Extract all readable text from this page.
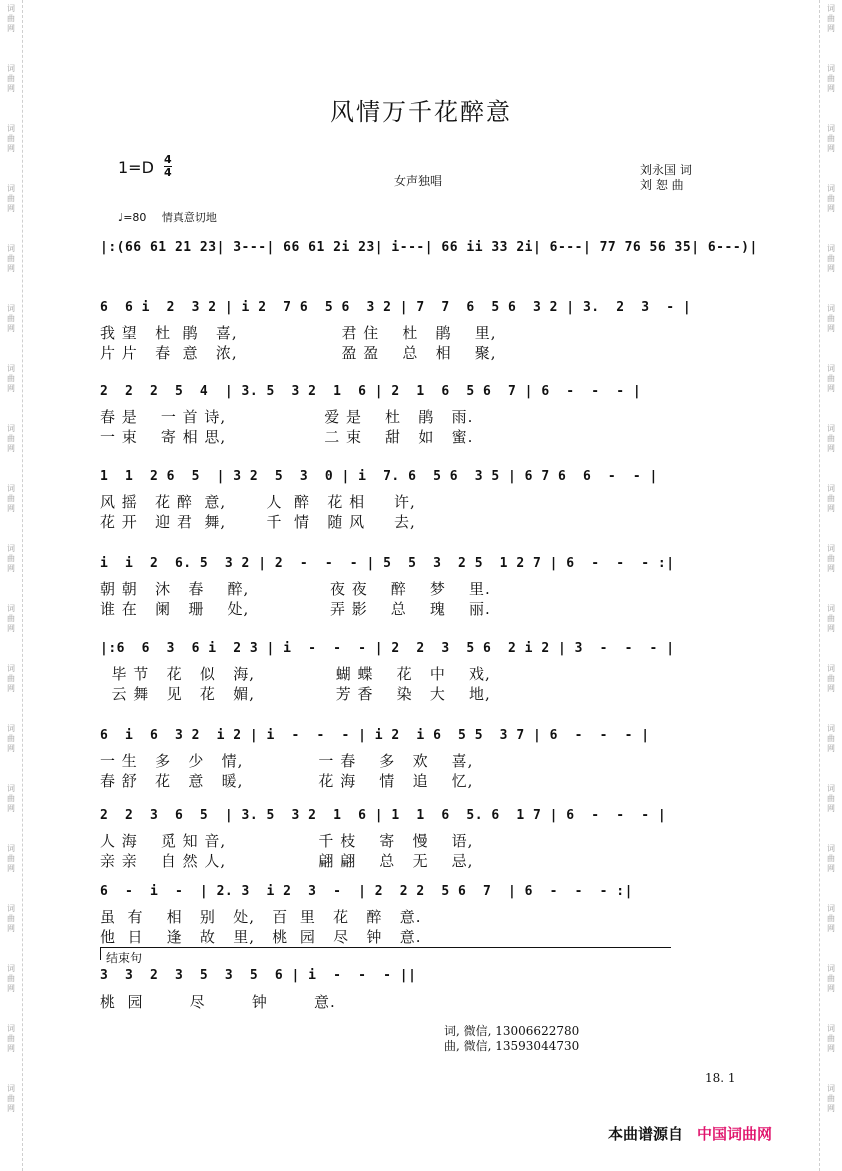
词
曲
网
词
曲
网
词
曲
网
词
曲
网
词
曲
网
词
曲
网
词
曲
网
词
曲
网
词
曲
网
词
曲
网
词
曲
网
词
曲
网
词
曲
网
词
曲
网
词
曲
网
词
曲
网
词
曲
网
词
曲
网
词
曲
网
词
曲
网
词
曲
网
词
曲
网
词
曲
网
词
曲
网
词
曲
网
词
曲
网
词
曲
网
词
曲
网
词
曲
网
词
曲
网
词
曲
网
词
曲
网
词
曲
网
词
曲
网
词
曲
网
词
曲
网
词
曲
网
词
曲
网
风情万千花醉意
1=D 4
4
女声独唱
刘永国 词
刘 恕 曲
♩=80 情真意切地
|:(66 61 21 23| 3---| 66 61 2i 23| i---| 66 ii 33 2i| 6---| 77 76 56 35| 6---)|
6  6 i  2  3 2 | i 2  7 6  5 6  3 2 | 7  7  6  5 6  3 2 | 3.  2  3  - |
我 望   杜  鹃   喜,                  君 住    杜   鹃    里,
片 片   春  意   浓,                  盈 盈    总   相    聚,
2  2  2  5  4  | 3. 5  3 2  1  6 | 2  1  6  5 6  7 | 6  -  -  - |
春 是    一 首 诗,                 爱 是    杜   鹃   雨.
一 束    寄 相 思,                 二 束    甜   如   蜜.
1  1  2 6  5  | 3 2  5  3  0 | i  7. 6  5 6  3 5 | 6 7 6  6  -  - |
风 摇   花 醉  意,       人  醉   花 相     许,
花 开   迎 君  舞,       千  情   随 风     去,
i  i  2  6. 5  3 2 | 2  -  -  - | 5  5  3  2 5  1 2 7 | 6  -  -  - :|
朝 朝   沐   春    醉,              夜 夜    醉    梦    里.
谁 在   阑   珊    处,              弄 影    总    瑰    丽.
|:6  6  3  6 i  2 3 | i  -  -  - | 2  2  3  5 6  2 i 2 | 3  -  -  - |
毕 节   花   似   海,              蝴 蝶    花   中    戏,
云 舞   见   花   媚,              芳 香    染   大    地,
6  i  6  3 2  i 2 | i  -  -  - | i 2  i 6  5 5  3 7 | 6  -  -  - |
一 生   多   少   情,             一 春    多   欢    喜,
春 舒   花   意   暖,             花 海    情   追    忆,
2  2  3  6  5  | 3. 5  3 2  1  6 | 1  1  6  5. 6  1 7 | 6  -  -  - |
人 海    觅 知 音,                千 枝    寄   慢    语,
亲 亲    自 然 人,                翩 翩    总   无    忌,
6  -  i  -  | 2. 3  i 2  3  -  | 2  2 2  5 6  7  | 6  -  -  - :|
虽  有    相   别   处,   百  里   花   醉   意.
他  日    逢   故   里,   桃  园   尽   钟   意.
结束句
3  3  2  3  5  3  5  6 | i  -  -  - ||
桃  园        尽        钟        意.
词, 微信, 13006622780
曲, 微信, 13593044730
18. 1
本曲谱源自 中国词曲网
